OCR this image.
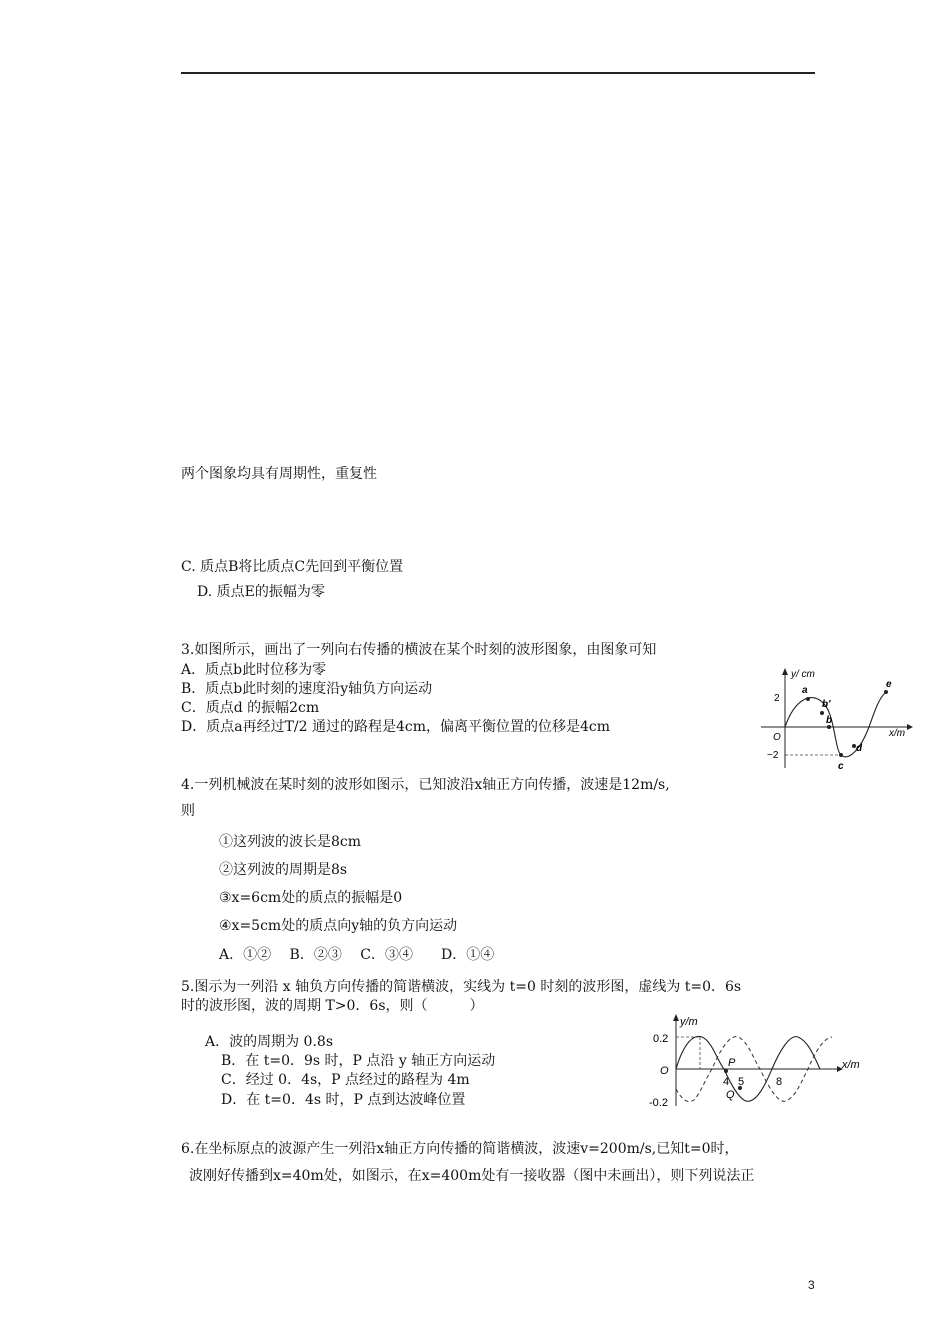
两个图象均具有周期性，重复性
C. 质点B将比质点C先回到平衡位置
D. 质点E的振幅为零
3.如图所示，画出了一列向右传播的横波在某个时刻的波形图象，由图象可知
A．质点b此时位移为零
B．质点b此时刻的速度沿y轴负方向运动
C．质点d 的振幅2cm
D．质点a再经过T/2 通过的路程是4cm，偏离平衡位置的位移是4cm
y/ cm
x/m
O
2
−2
a
b'
b
c
d
e
4.一列机械波在某时刻的波形如图示，已知波沿x轴正方向传播，波速是12m/s,
则
①这列波的波长是8cm
②这列波的周期是8s
③x=6cm处的质点的振幅是0
④x=5cm处的质点向y轴的负方向运动
A．①②　 B．②③　 C．③④　　D．①④
5.图示为一列沿 x 轴负方向传播的简谐横波，实线为 t=0 时刻的波形图，虚线为 t=0．6s
时的波形图，波的周期 T>0．6s，则（　　　）
A．波的周期为 0.8s
B．在 t=0．9s 时，P 点沿 y 轴正方向运动
C．经过 0．4s，P 点经过的路程为 4m
D．在 t=0．4s 时，P 点到达波峰位置
y/m
x/m
O
0.2
-0.2
P
Q
4 5	8
6.在坐标原点的波源产生一列沿x轴正方向传播的简谐横波，波速v=200m/s,已知t=0时，
波刚好传播到x=40m处，如图示，在x=400m处有一接收器（图中未画出），则下列说法正
3
